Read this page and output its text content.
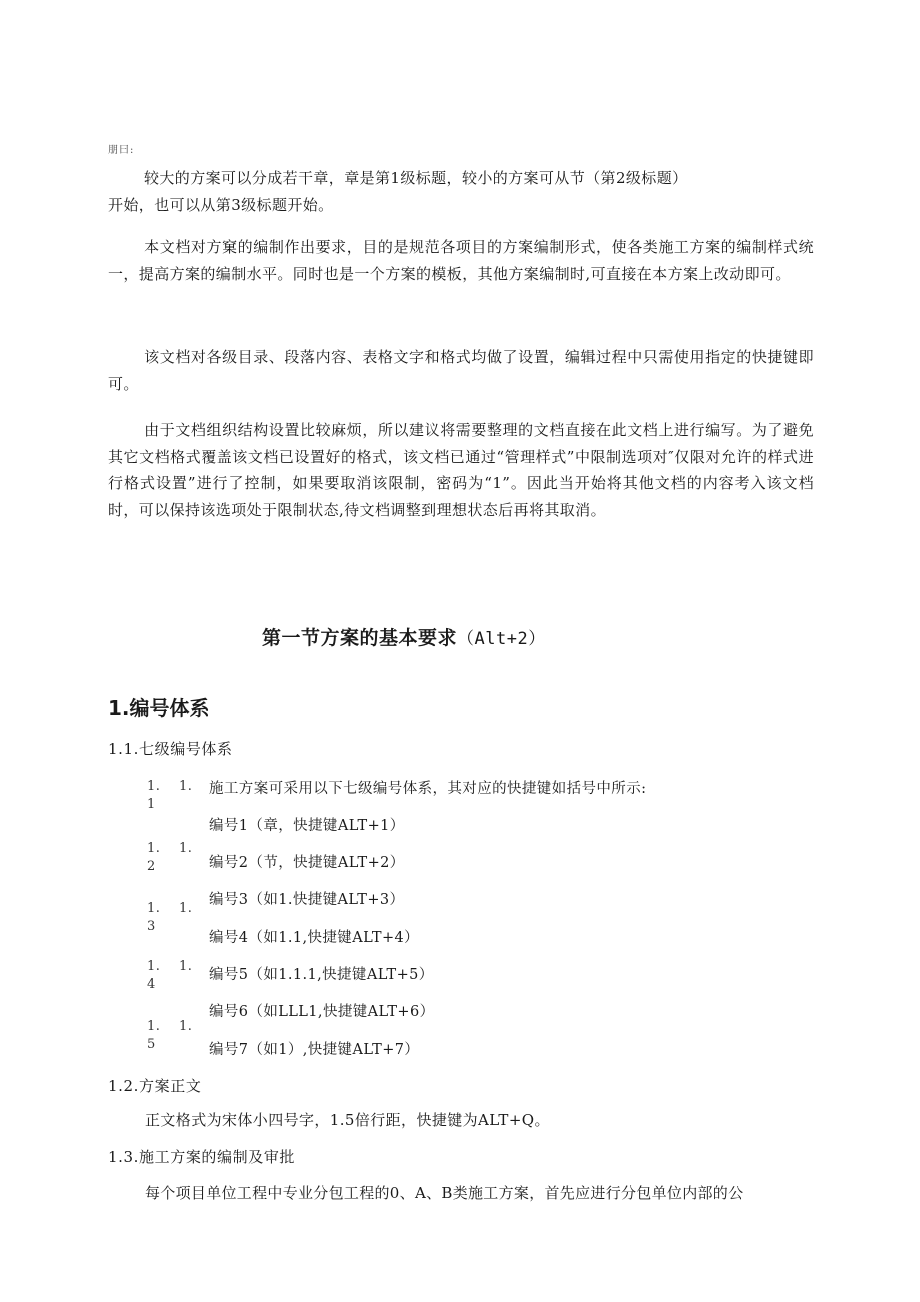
朋曰:
较大的方案可以分成若干章，章是第1级标题，较小的方案可从节（第2级标题）
开始，也可以从第3级标题开始。

本文档对方窠的编制作出要求，目的是规范各项目的方案编制形式，使各类施工方案的编制样式统一，提高方案的编制水平。同时也是一个方案的模板，其他方案编制时,可直接在本方案上改动即可。

该文档对各级目录、段落内容、表格文字和格式均做了设置，编辑过程中只需使用指定的快捷键即可。

由于文档组织结构设置比较麻烦，所以建议将需要整理的文档直接在此文档上进行编写。为了避免其它文档格式覆盖该文档已设置好的格式，该文档已通过“管理样式”中限制选项对″仅限对允许的样式进行格式设置”进行了控制，如果要取消该限制，密码为“1”。因此当开始将其他文档的内容考入该文档时，可以保持该选项处于限制状态,待文档调整到理想状态后再将其取消。

第一节方案的基本要求（Alt+2）
1.编号体系
1.1.七级编号体系
1. 1.
1
1. 1.
2
1. 1.
3
1. 1.
4
1. 1.
5
施工方案可采用以下七级编号体系，其对应的快捷键如括号中所示:
编号1（章，快捷键ALT+1）
编号2（节，快捷键ALT+2）
编号3（如1.快捷键ALT+3）
编号4（如1.1,快捷键ALT+4）
编号5（如1.1.1,快捷键ALT+5）
编号6（如LLL1,快捷键ALT+6）
编号7（如1）,快捷键ALT+7）
1.2.方案正文
正文格式为宋体小四号字，1.5倍行距，快捷键为ALT+Q。
1.3.施工方案的编制及审批
每个项目单位工程中专业分包工程的0、A、B类施工方案，首先应进行分包单位内部的公
